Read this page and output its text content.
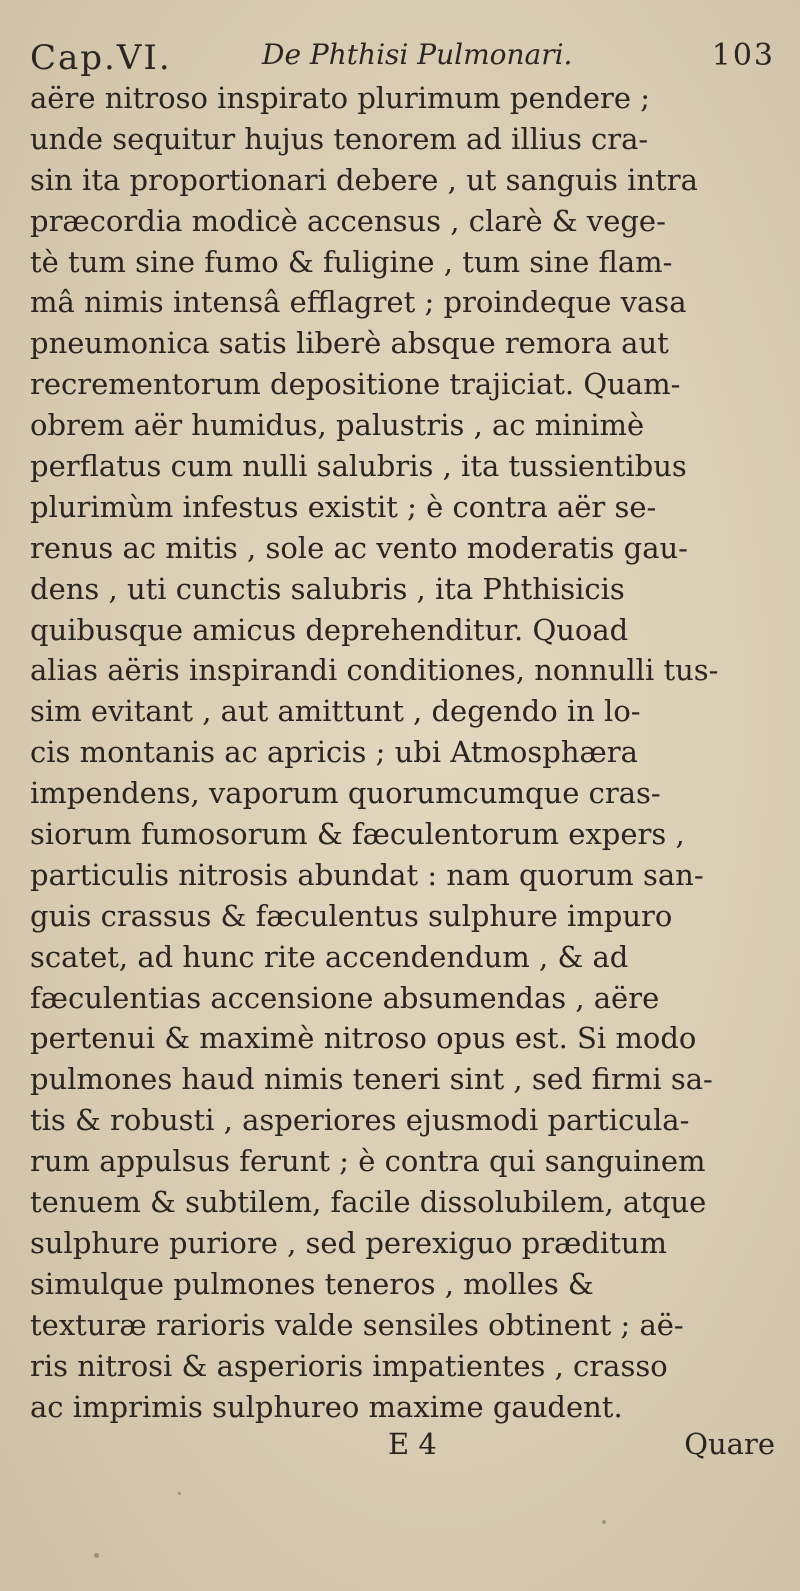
Cap.VI.	De Phthisi Pulmonari.	103
aëre nitroso inspirato plurimum pendere ;
unde sequitur hujus tenorem ad illius cra-
sin ita proportionari debere , ut sanguis intra
præcordia modicè accensus , clarè & vege-
tè tum sine fumo & fuligine , tum sine flam-
mâ nimis intensâ efflagret ; proindeque vasa
pneumonica satis liberè absque remora aut
recrementorum depositione trajiciat. Quam-
obrem aër humidus, palustris , ac minimè
perflatus cum nulli salubris , ita tussientibus
plurimùm infestus existit ; è contra aër se-
renus ac mitis , sole ac vento moderatis gau-
dens , uti cunctis salubris , ita Phthisicis
quibusque amicus deprehenditur. Quoad
alias aëris inspirandi conditiones, nonnulli tus-
sim evitant , aut amittunt , degendo in lo-
cis montanis ac apricis ; ubi Atmosphæra
impendens, vaporum quorumcumque cras-
siorum fumosorum & fæculentorum expers ,
particulis nitrosis abundat : nam quorum san-
guis crassus & fæculentus sulphure impuro
scatet, ad hunc rite accendendum , & ad
fæculentias accensione absumendas , aëre
pertenui & maximè nitroso opus est. Si modo
pulmones haud nimis teneri sint , sed firmi sa-
tis & robusti , asperiores ejusmodi particula-
rum appulsus ferunt ; è contra qui sanguinem
tenuem & subtilem, facile dissolubilem, atque
sulphure puriore , sed perexiguo præditum
simulque pulmones teneros , molles &
texturæ rarioris valde sensiles obtinent ; aë-
ris nitrosi & asperioris impatientes , crasso
ac imprimis sulphureo maxime gaudent.
E 4	Quare
